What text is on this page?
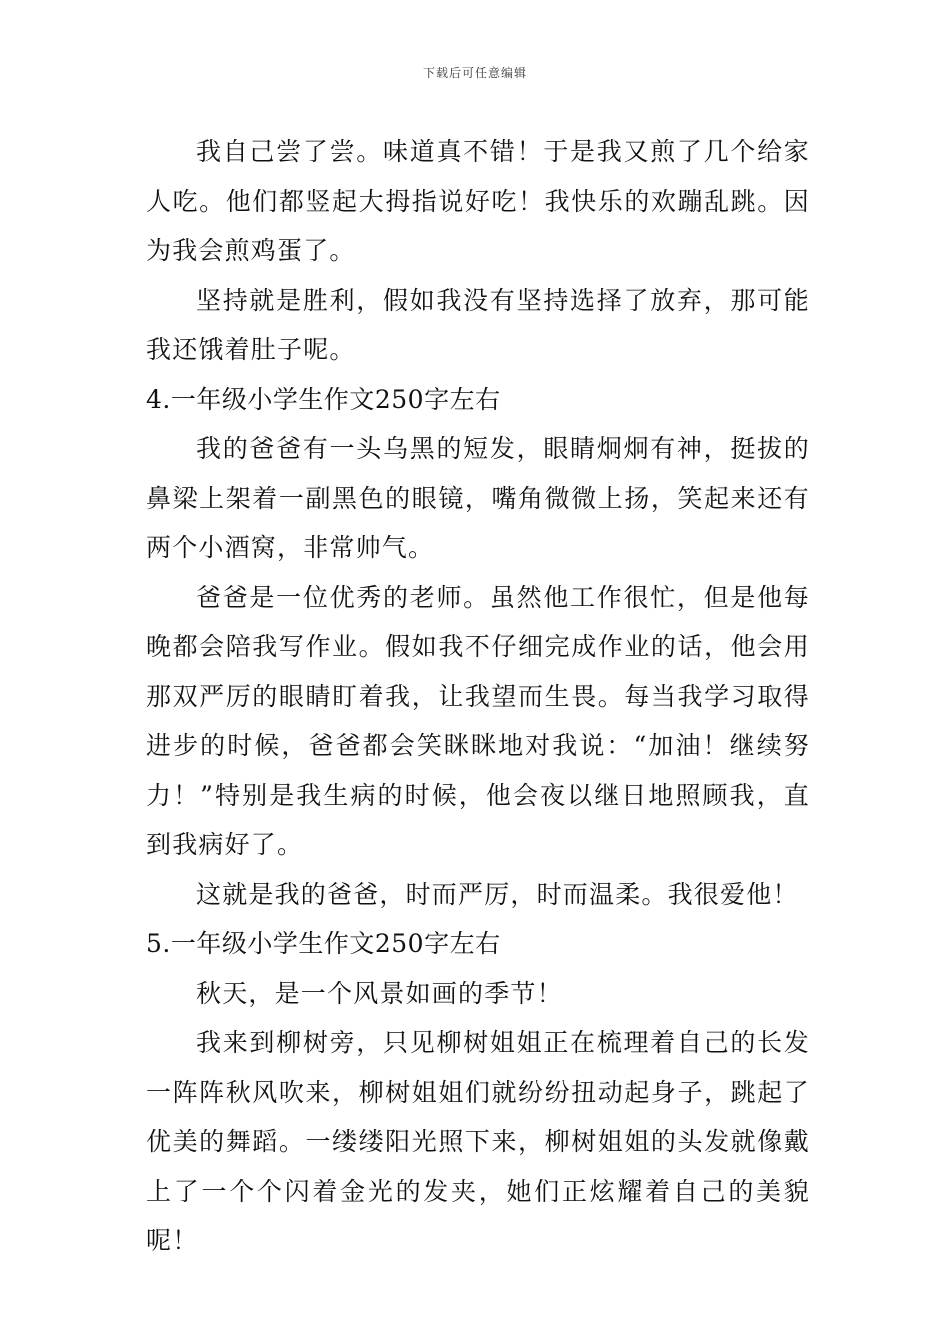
下载后可任意编辑

我自己尝了尝。味道真不错！于是我又煎了几个给家人吃。他们都竖起大拇指说好吃！我快乐的欢蹦乱跳。因为我会煎鸡蛋了。

坚持就是胜利，假如我没有坚持选择了放弃，那可能我还饿着肚子呢。

4.一年级小学生作文250字左右

我的爸爸有一头乌黑的短发，眼睛炯炯有神，挺拔的鼻梁上架着一副黑色的眼镜，嘴角微微上扬，笑起来还有两个小酒窝，非常帅气。

爸爸是一位优秀的老师。虽然他工作很忙，但是他每晚都会陪我写作业。假如我不仔细完成作业的话，他会用那双严厉的眼睛盯着我，让我望而生畏。每当我学习取得进步的时候，爸爸都会笑眯眯地对我说：“加油！继续努力！”特别是我生病的时候，他会夜以继日地照顾我，直到我病好了。

这就是我的爸爸，时而严厉，时而温柔。我很爱他！

5.一年级小学生作文250字左右

秋天，是一个风景如画的季节！

我来到柳树旁，只见柳树姐姐正在梳理着自己的长发一阵阵秋风吹来，柳树姐姐们就纷纷扭动起身子，跳起了优美的舞蹈。一缕缕阳光照下来，柳树姐姐的头发就像戴上了一个个闪着金光的发夹，她们正炫耀着自己的美貌呢！
